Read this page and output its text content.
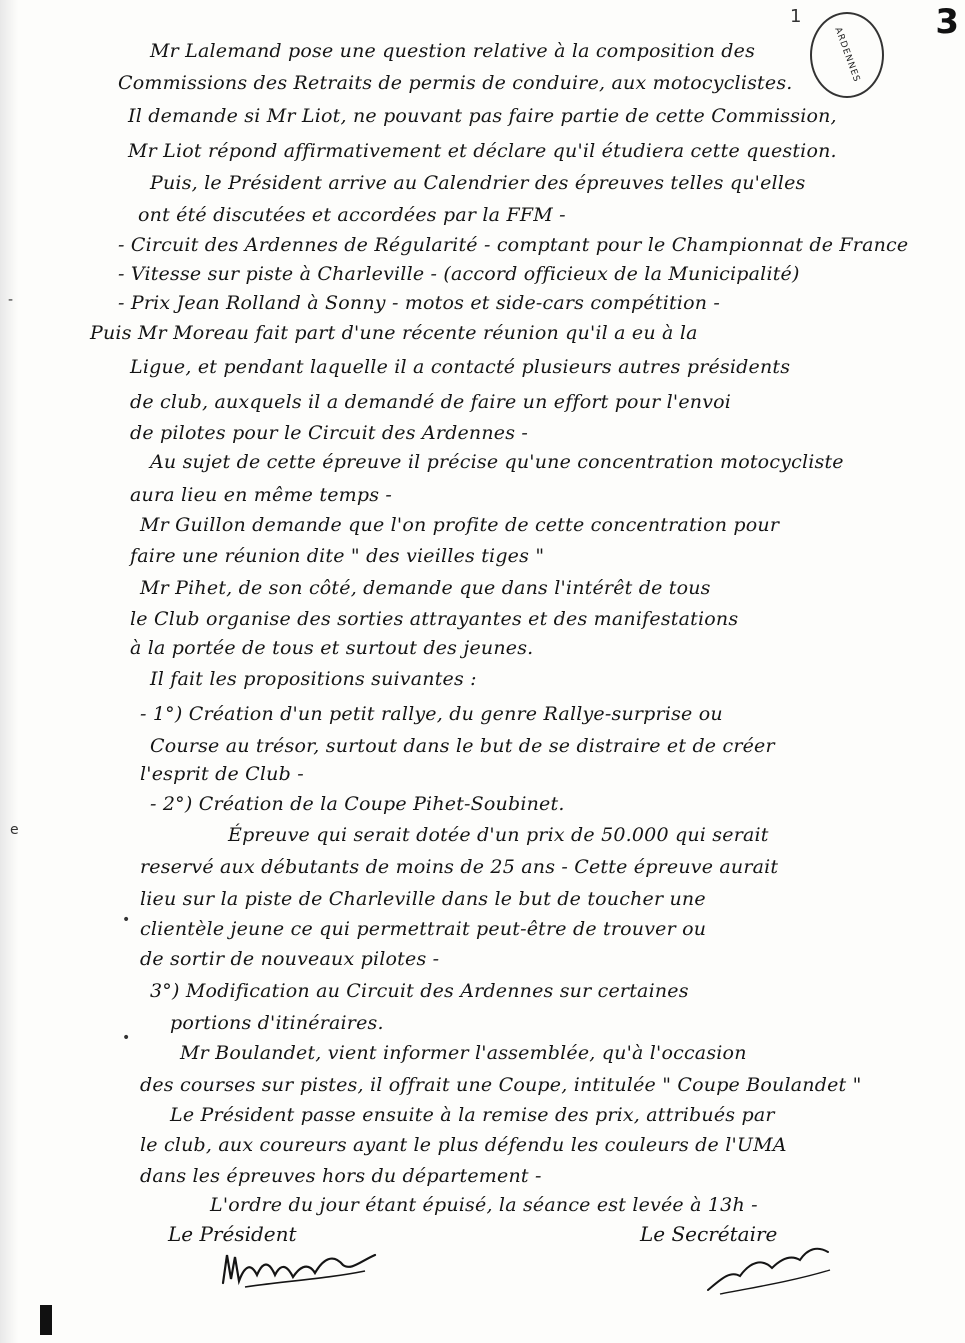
1
ARDENNES
3
-
e
•
•
Mr Lalemand pose une question relative à la composition des
Commissions des Retraits de permis de conduire, aux motocyclistes.
Il demande si Mr Liot, ne pouvant pas faire partie de cette Commission,
Mr Liot répond affirmativement et déclare qu'il étudiera cette question.
Puis, le Président arrive au Calendrier des épreuves telles qu'elles
ont été discutées et accordées par la FFM -
- Circuit des Ardennes de Régularité - comptant pour le Championnat de France
- Vitesse sur piste à Charleville - (accord officieux de la Municipalité)
- Prix Jean Rolland à Sonny - motos et side-cars compétition -
Puis Mr Moreau fait part d'une récente réunion qu'il a eu à la
Ligue, et pendant laquelle il a contacté plusieurs autres présidents
de club, auxquels il a demandé de faire un effort pour l'envoi
de pilotes pour le Circuit des Ardennes -
Au sujet de cette épreuve il précise qu'une concentration motocycliste
aura lieu en même temps -
Mr Guillon demande que l'on profite de cette concentration pour
faire une réunion dite " des vieilles tiges "
Mr Pihet, de son côté, demande que dans l'intérêt de tous
le Club organise des sorties attrayantes et des manifestations
à la portée de tous et surtout des jeunes.
Il fait les propositions suivantes :
- 1°) Création d'un petit rallye, du genre Rallye-surprise ou
Course au trésor, surtout dans le but de se distraire et de créer
l'esprit de Club -
- 2°) Création de la Coupe Pihet-Soubinet.
Épreuve qui serait dotée d'un prix de 50.000 qui serait
reservé aux débutants de moins de 25 ans - Cette épreuve aurait
lieu sur la piste de Charleville dans le but de toucher une
clientèle jeune ce qui permettrait peut-être de trouver ou
de sortir de nouveaux pilotes -
3°) Modification au Circuit des Ardennes sur certaines
portions d'itinéraires.
Mr Boulandet, vient informer l'assemblée, qu'à l'occasion
des courses sur pistes, il offrait une Coupe, intitulée " Coupe Boulandet "
Le Président passe ensuite à la remise des prix, attribués par
le club, aux coureurs ayant le plus défendu les couleurs de l'UMA
dans les épreuves hors du département -
L'ordre du jour étant épuisé, la séance est levée à 13h -
Le Président	Le Secrétaire
